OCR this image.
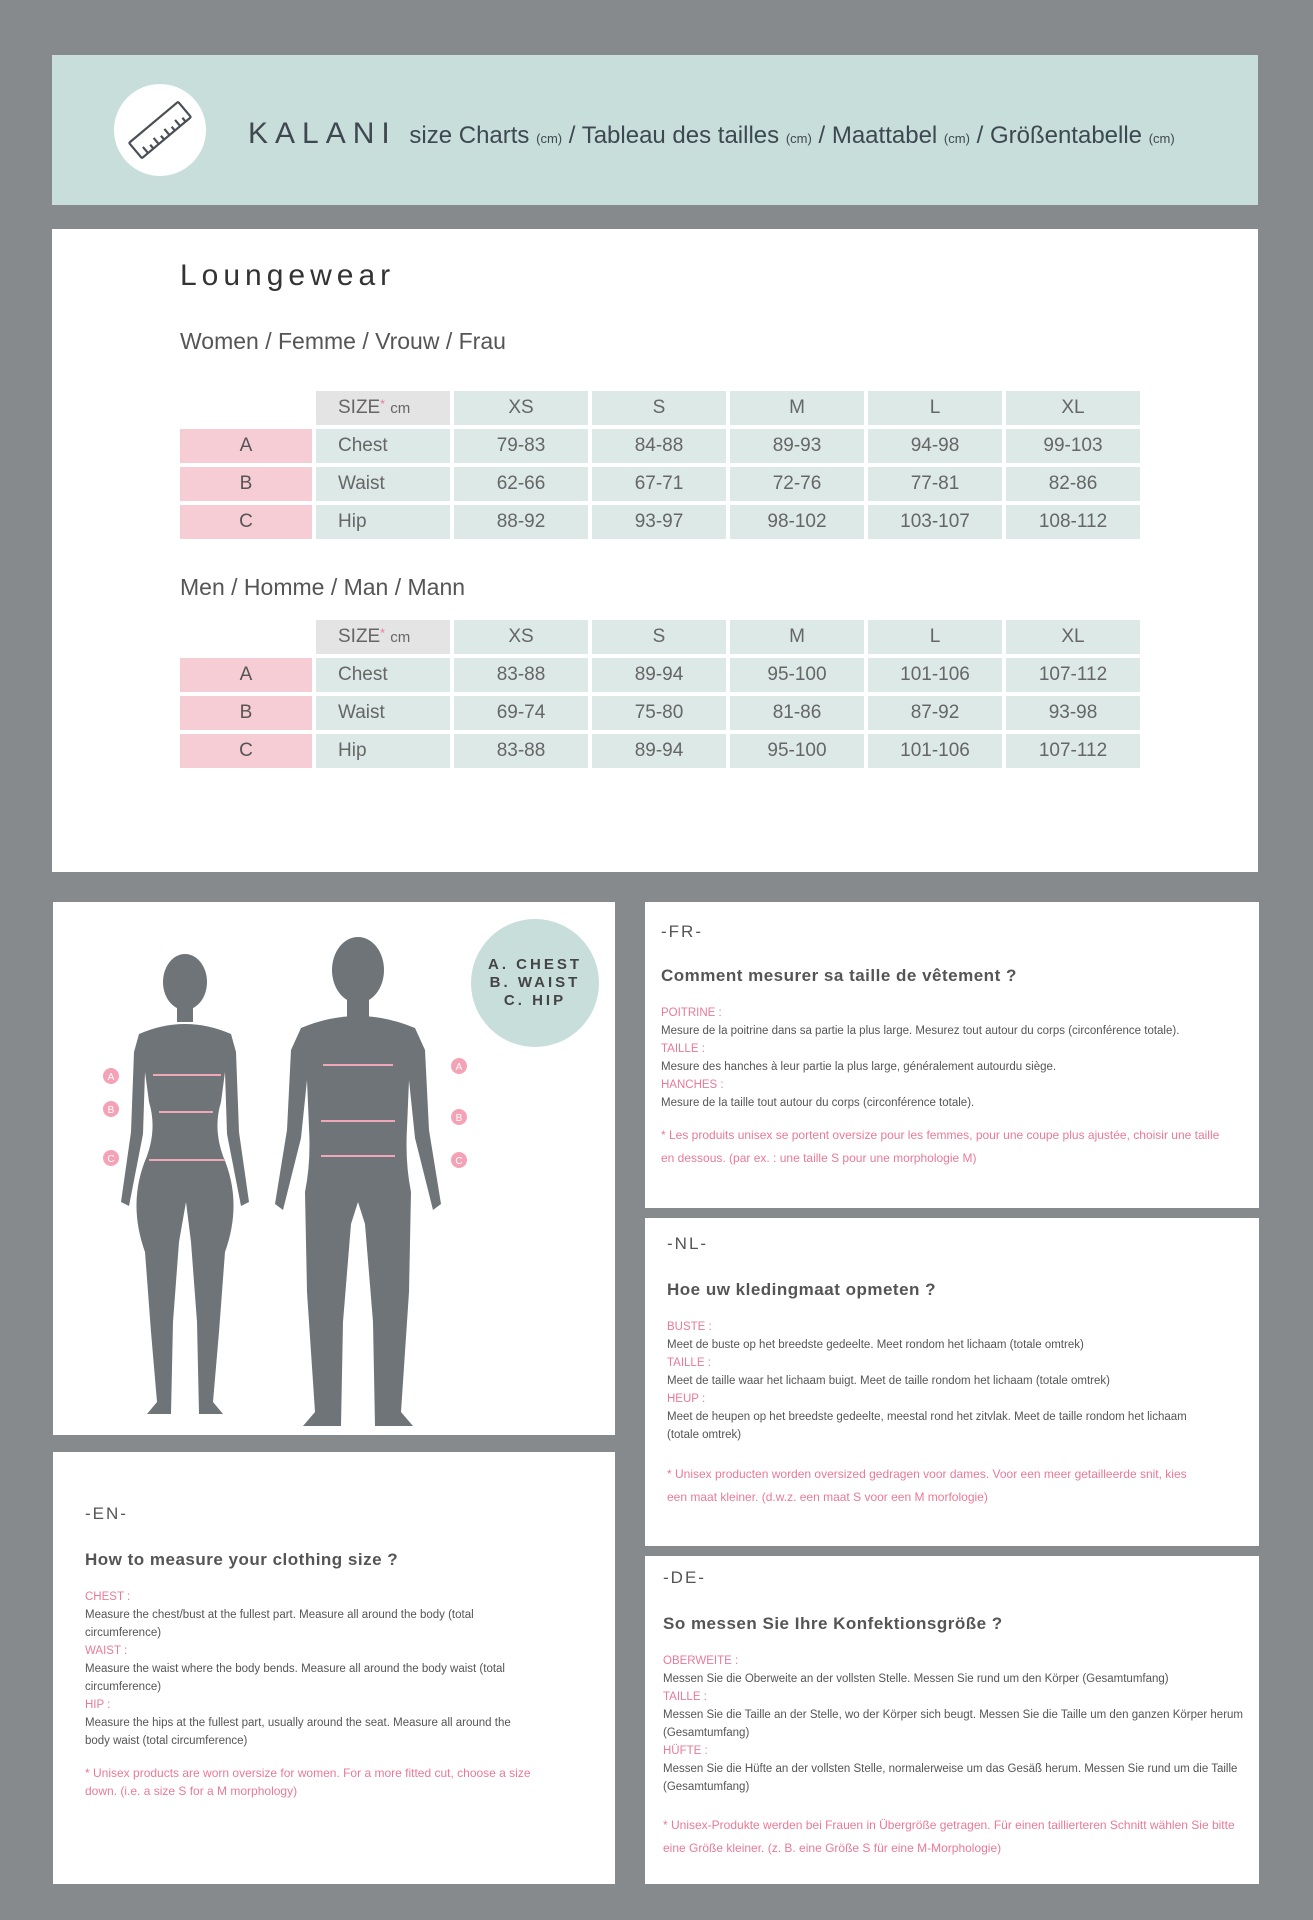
KALANI size Charts (cm) / Tableau des tailles (cm) / Maattabel (cm) / Größentabelle (cm)
Loungewear
Women / Femme / Vrouw / Frau
	SIZE* cm	XS	S	M	L	XL
A	Chest	79-83	84-88	89-93	94-98	99-103
B	Waist	62-66	67-71	72-76	77-81	82-86
C	Hip	88-92	93-97	98-102	103-107	108-112
Men / Homme / Man / Mann
	SIZE* cm	XS	S	M	L	XL
A	Chest	83-88	89-94	95-100	101-106	107-112
B	Waist	69-74	75-80	81-86	87-92	93-98
C	Hip	83-88	89-94	95-100	101-106	107-112
A
B
C
A
B
C
A. CHEST
B. WAIST
C. HIP
-EN-
How to measure your clothing size ?
CHEST :
Measure the chest/bust at the fullest part. Measure all around the body (total circumference)
WAIST :
Measure the waist where the body bends. Measure all around the body waist (total circumference)
HIP :
Measure the hips at the fullest part, usually around the seat. Measure all around the body waist (total circumference)
* Unisex products are worn oversize for women. For a more fitted cut, choose a size down. (i.e. a size S for a M morphology)
-FR-
Comment mesurer sa taille de vêtement ?
POITRINE :
Mesure de la poitrine dans sa partie la plus large. Mesurez tout autour du corps (circonférence totale).
TAILLE :
Mesure des hanches à leur partie la plus large, généralement autourdu siège.
HANCHES :
Mesure de la taille tout autour du corps (circonférence totale).
* Les produits unisex se portent oversize pour les femmes, pour une coupe plus ajustée, choisir une taille en dessous. (par ex. : une taille S pour une morphologie M)
-NL-
Hoe uw kledingmaat opmeten ?
BUSTE :
Meet de buste op het breedste gedeelte. Meet rondom het lichaam (totale omtrek)
TAILLE :
Meet de taille waar het lichaam buigt. Meet de taille rondom het lichaam (totale omtrek)
HEUP :
Meet de heupen op het breedste gedeelte, meestal rond het zitvlak. Meet de taille rondom het lichaam (totale omtrek)
* Unisex producten worden oversized gedragen voor dames. Voor een meer getailleerde snit, kies een maat kleiner. (d.w.z. een maat S voor een M morfologie)
-DE-
So messen Sie Ihre Konfektionsgröße ?
OBERWEITE :
Messen Sie die Oberweite an der vollsten Stelle. Messen Sie rund um den Körper (Gesamtumfang)
TAILLE :
Messen Sie die Taille an der Stelle, wo der Körper sich beugt. Messen Sie die Taille um den ganzen Körper herum (Gesamtumfang)
HÜFTE :
Messen Sie die Hüfte an der vollsten Stelle, normalerweise um das Gesäß herum. Messen Sie rund um die Taille (Gesamtumfang)
* Unisex-Produkte werden bei Frauen in Übergröße getragen. Für einen taillierteren Schnitt wählen Sie bitte eine Größe kleiner. (z. B. eine Größe S für eine M-Morphologie)
